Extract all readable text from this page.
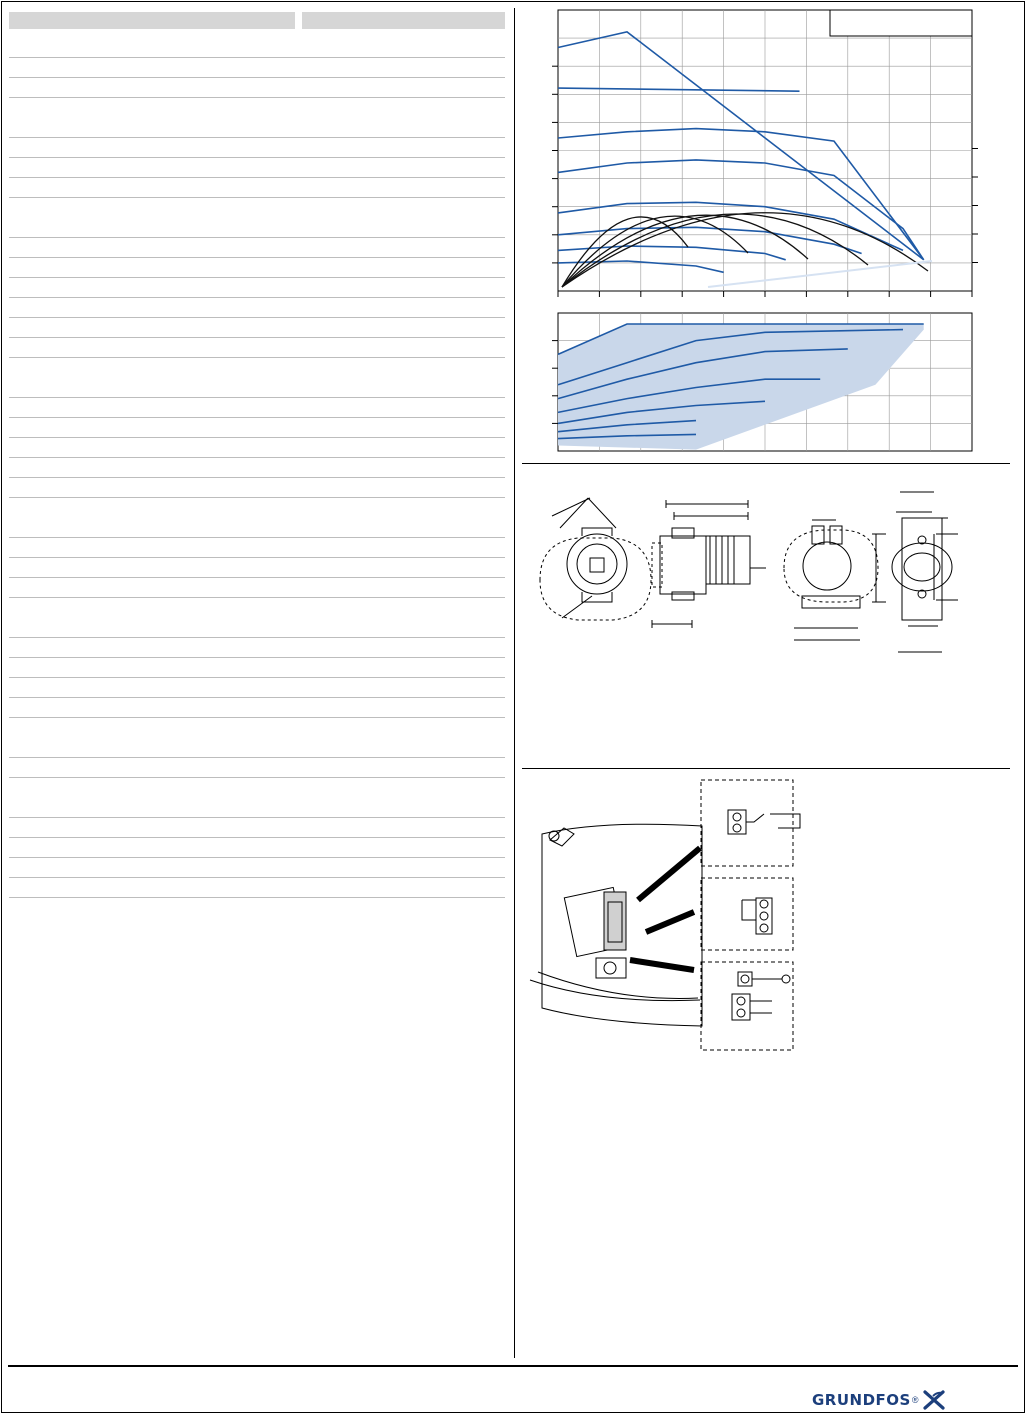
GRUNDFOS ®
